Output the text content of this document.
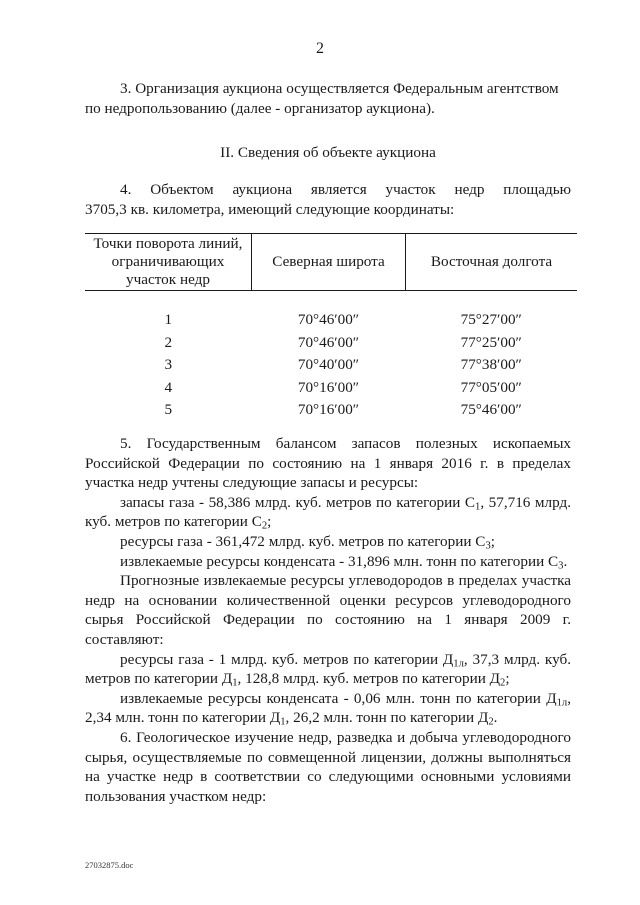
2
3. Организация аукциона осуществляется Федеральным агентством
по недропользованию (далее - организатор аукциона).
II. Сведения об объекте аукциона
4. Объектом аукциона является участок недр площадью
3705,3 кв. километра, имеющий следующие координаты:
Точки поворота линий, ограничивающих участок недр	Северная широта	Восточная долгота

1	70°46′00″	75°27′00″
2	70°46′00″	77°25′00″
3	70°40′00″	77°38′00″
4	70°16′00″	77°05′00″
5	70°16′00″	75°46′00″

5. Государственным балансом запасов полезных ископаемых Российской Федерации по состоянию на 1 января 2016 г. в пределах участка недр учтены следующие запасы и ресурсы:

запасы газа - 58,386 млрд. куб. метров по категории $С_1$, 57,716 млрд. куб. метров по категории $С_2$;

ресурсы газа - 361,472 млрд. куб. метров по категории $С_3$;

извлекаемые ресурсы конденсата - 31,896 млн. тонн по категории $С_3$.

Прогнозные извлекаемые ресурсы углеводородов в пределах участка недр на основании количественной оценки ресурсов углеводородного сырья Российской Федерации по состоянию на 1 января 2009 г. составляют:

ресурсы газа - 1 млрд. куб. метров по категории $Д_{1л}$, 37,3 млрд. куб. метров по категории $Д_1$, 128,8 млрд. куб. метров по категории $Д_2$;

извлекаемые ресурсы конденсата - 0,06 млн. тонн по категории $Д_{1л}$, 2,34 млн. тонн по категории $Д_1$, 26,2 млн. тонн по категории $Д_2$.

6. Геологическое изучение недр, разведка и добыча углеводородного сырья, осуществляемые по совмещенной лицензии, должны выполняться на участке недр в соответствии со следующими основными условиями пользования участком недр:

27032875.doc
